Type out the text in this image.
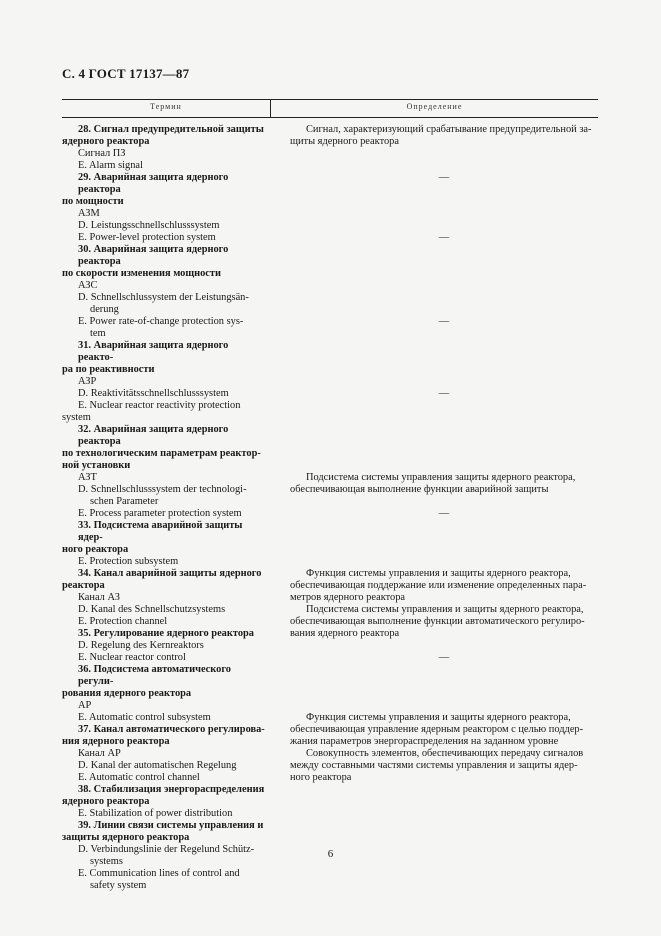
С. 4 ГОСТ 17137—87
Термин	Определение
28. Сигнал предупредительной защиты
ядерного реактора
Сигнал ПЗ
E. Alarm signal
29. Аварийная защита ядерного реактора
по мощности
АЗМ
D. Leistungsschnellschlusssystem
E. Power-level protection system
30. Аварийная защита ядерного реактора
по скорости изменения мощности
АЗС
D. Schnellschlussystem der Leistungsän-
derung
E. Power rate-of-change protection sys-
tem
31. Аварийная защита ядерного реакто-
ра по реактивности
АЗР
D. Reaktivitätsschnellschlusssystem
E. Nuclear reactor reactivity protection
system
32. Аварийная защита ядерного реактора
по технологическим параметрам реактор-
ной установки
АЗТ
D. Schnellschlusssystem der technologi-
schen Parameter
E. Process parameter protection system
33. Подсистема аварийной защиты ядер-
ного реактора
E. Protection subsystem
34. Канал аварийной защиты ядерного
реактора
Канал АЗ
D. Kanal des Schnellschutzsystems
E. Protection channel
35. Регулирование ядерного реактора
D. Regelung des Kernreaktors
E. Nuclear reactor control
36. Подсистема автоматического регули-
рования ядерного реактора
АР
E. Automatic control subsystem
37. Канал автоматического регулирова-
ния ядерного реактора
Канал АР
D. Kanal der automatischen Regelung
E. Automatic control channel
38. Стабилизация энергораспределения
ядерного реактора
E. Stabilization of power distribution
39. Линии связи системы управления и
защиты ядерного реактора
D. Verbindungslinie der Regelund Schütz-
systems
E. Communication lines of control and
safety system
Сигнал, характеризующий срабатывание предупредительной за-
щиты ядерного реактора
—
—
—
—
Подсистема системы управления защиты ядерного реактора,
обеспечивающая выполнение функции аварийной защиты
—
Функция системы управления и защиты ядерного реактора,
обеспечивающая поддержание или изменение определенных пара-
метров ядерного реактора
Подсистема системы управления и защиты ядерного реактора,
обеспечивающая выполнение функции автоматического регулиро-
вания ядерного реактора
—
Функция системы управления и защиты ядерного реактора,
обеспечивающая управление ядерным реактором с целью поддер-
жания параметров энергораспределения на заданном уровне
Совокупность элементов, обеспечивающих передачу сигналов
между составными частями системы управления и защиты ядер-
ного реактора
6
